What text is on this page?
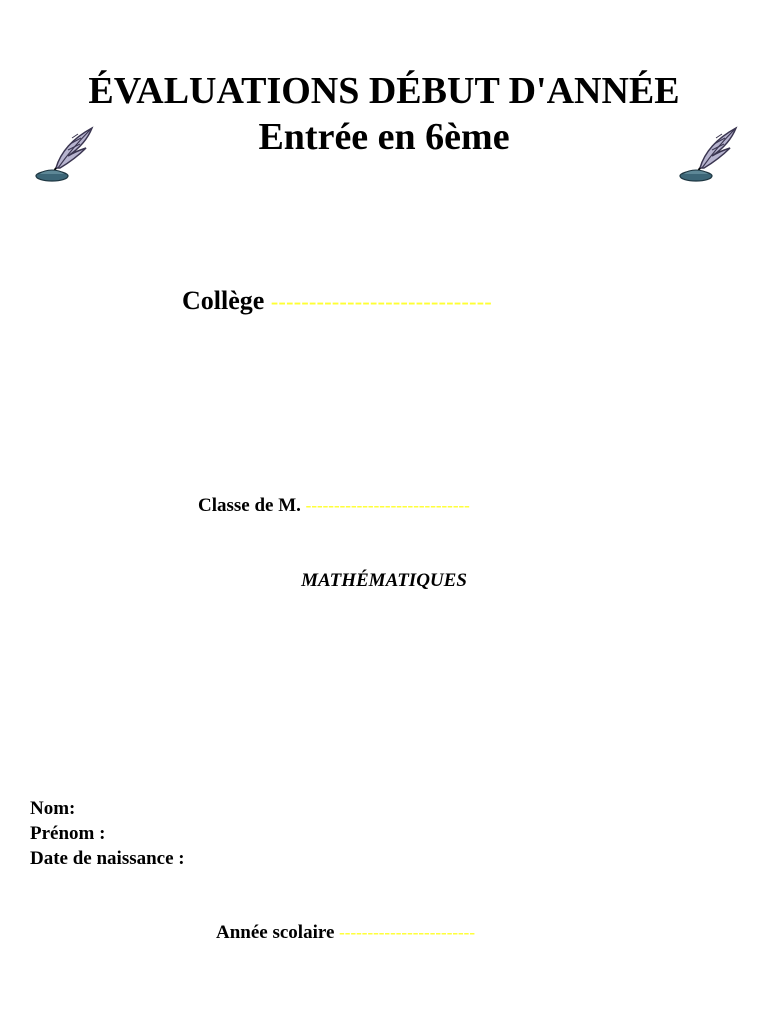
ÉVALUATIONS DÉBUT D'ANNÉE
Entrée en 6ème
Collège -----------------------------
Classe de M. -----------------------------
MATHÉMATIQUES
Nom:
Prénom :
Date de naissance :
Année scolaire ------------------------
